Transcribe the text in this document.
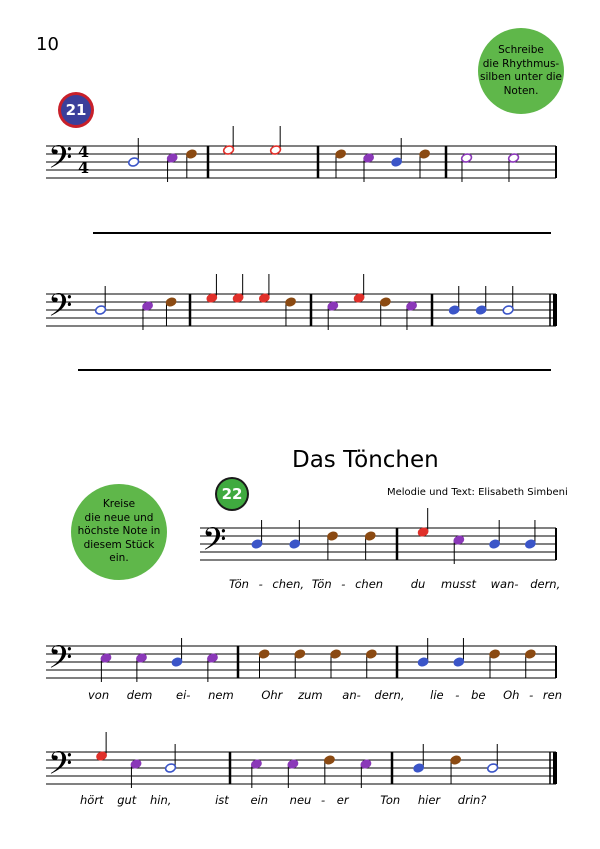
10	Schreibe
die Rhythmus-
silben unter die
Noten.
21
Das Tönchen
Melodie und Text: Elisabeth Simbeni
22
Kreise
die neue und
höchste Note in
diesem Stück
ein.
𝄢
𝄢
𝄢
𝄢
𝄢
4
4
Tön - chen, Tön - chen du musst wan- dern,
von dem ei- nem Ohr zum an- dern, lie - be Oh - ren
hört gut hin,	ist ein neu - er	Ton hier drin?
